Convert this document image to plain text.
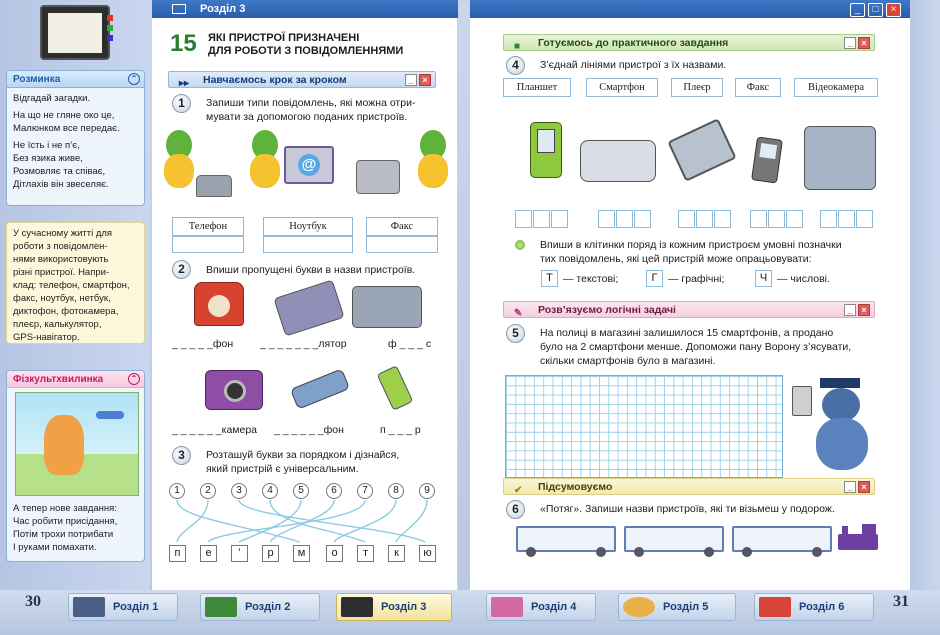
Розминка	⌃
Відгадай загадки.
На що не гляне око це,
Малюнком все передає.
Не їсть і не п’є,
Без язика живе,
Розмовляє та співає,
Дітлахів він звеселяє.
У сучасному житті для
роботи з повідомлен-
нями використовують
різні пристрої. Напри-
клад: телефон, смартфон,
факс, ноутбук, нетбук,
диктофон, фотокамера,
плеєр, калькулятор,
GPS-навігатор.
Фізкультхвилинка	⌃
А тепер нове завдання:
Час робити присідання,
Потім трохи потрибати
І руками помахати.
Розділ 3
15 ЯКІ ПРИСТРОЇ ПРИЗНАЧЕНІ
ДЛЯ РОБОТИ З ПОВІДОМЛЕННЯМИ
▸▸ Навчаємось крок за кроком	_ ×
1	Запиши типи повідомлень, які можна отри-
мувати за допомогою поданих пристроїв.
@
Телефон	Ноутбук	Факс
2	Впиши пропущені букви в назви пристроїв.
_ _ _ _ _фон	_ _ _ _ _ _ _лятор	ф _ _ _ с
_ _ _ _ _ _камера _ _ _ _ _ _фон	п _ _ _ р
3	Розташуй букви за порядком і дізнайся,
який пристрій є універсальним.
1	2	3	4	5	6	7	8	9
п	е	’	р	м	о	т	к	ю
_	□	×
■ Готуємось до практичного завдання	_ ×
4	З’єднай лініями пристрої з їх назвами.
Планшет	Смартфон	Плеєр	Факс	Відеокамера
Впиши в клітинки поряд із кожним пристроєм умовні позначки
тих повідомлень, які цей пристрій може опрацьовувати:
Т — текстові;	Г	— графічні;	Ч — числові.
✎ Розв’язуємо логічні задачі	_ ×
5	На полиці в магазині залишилося 15 смартфонів, а продано
було на 2 смартфони менше. Допоможи пану Ворону з’ясувати,
скільки смартфонів було в магазині.
✔ Підсумовуємо	_ ×
6	«Потяг». Запиши назви пристроїв, які ти візьмеш у подорож.
30	Розділ 1	Розділ 2	Розділ 3	Розділ 4	Розділ 5	Розділ 6	31
